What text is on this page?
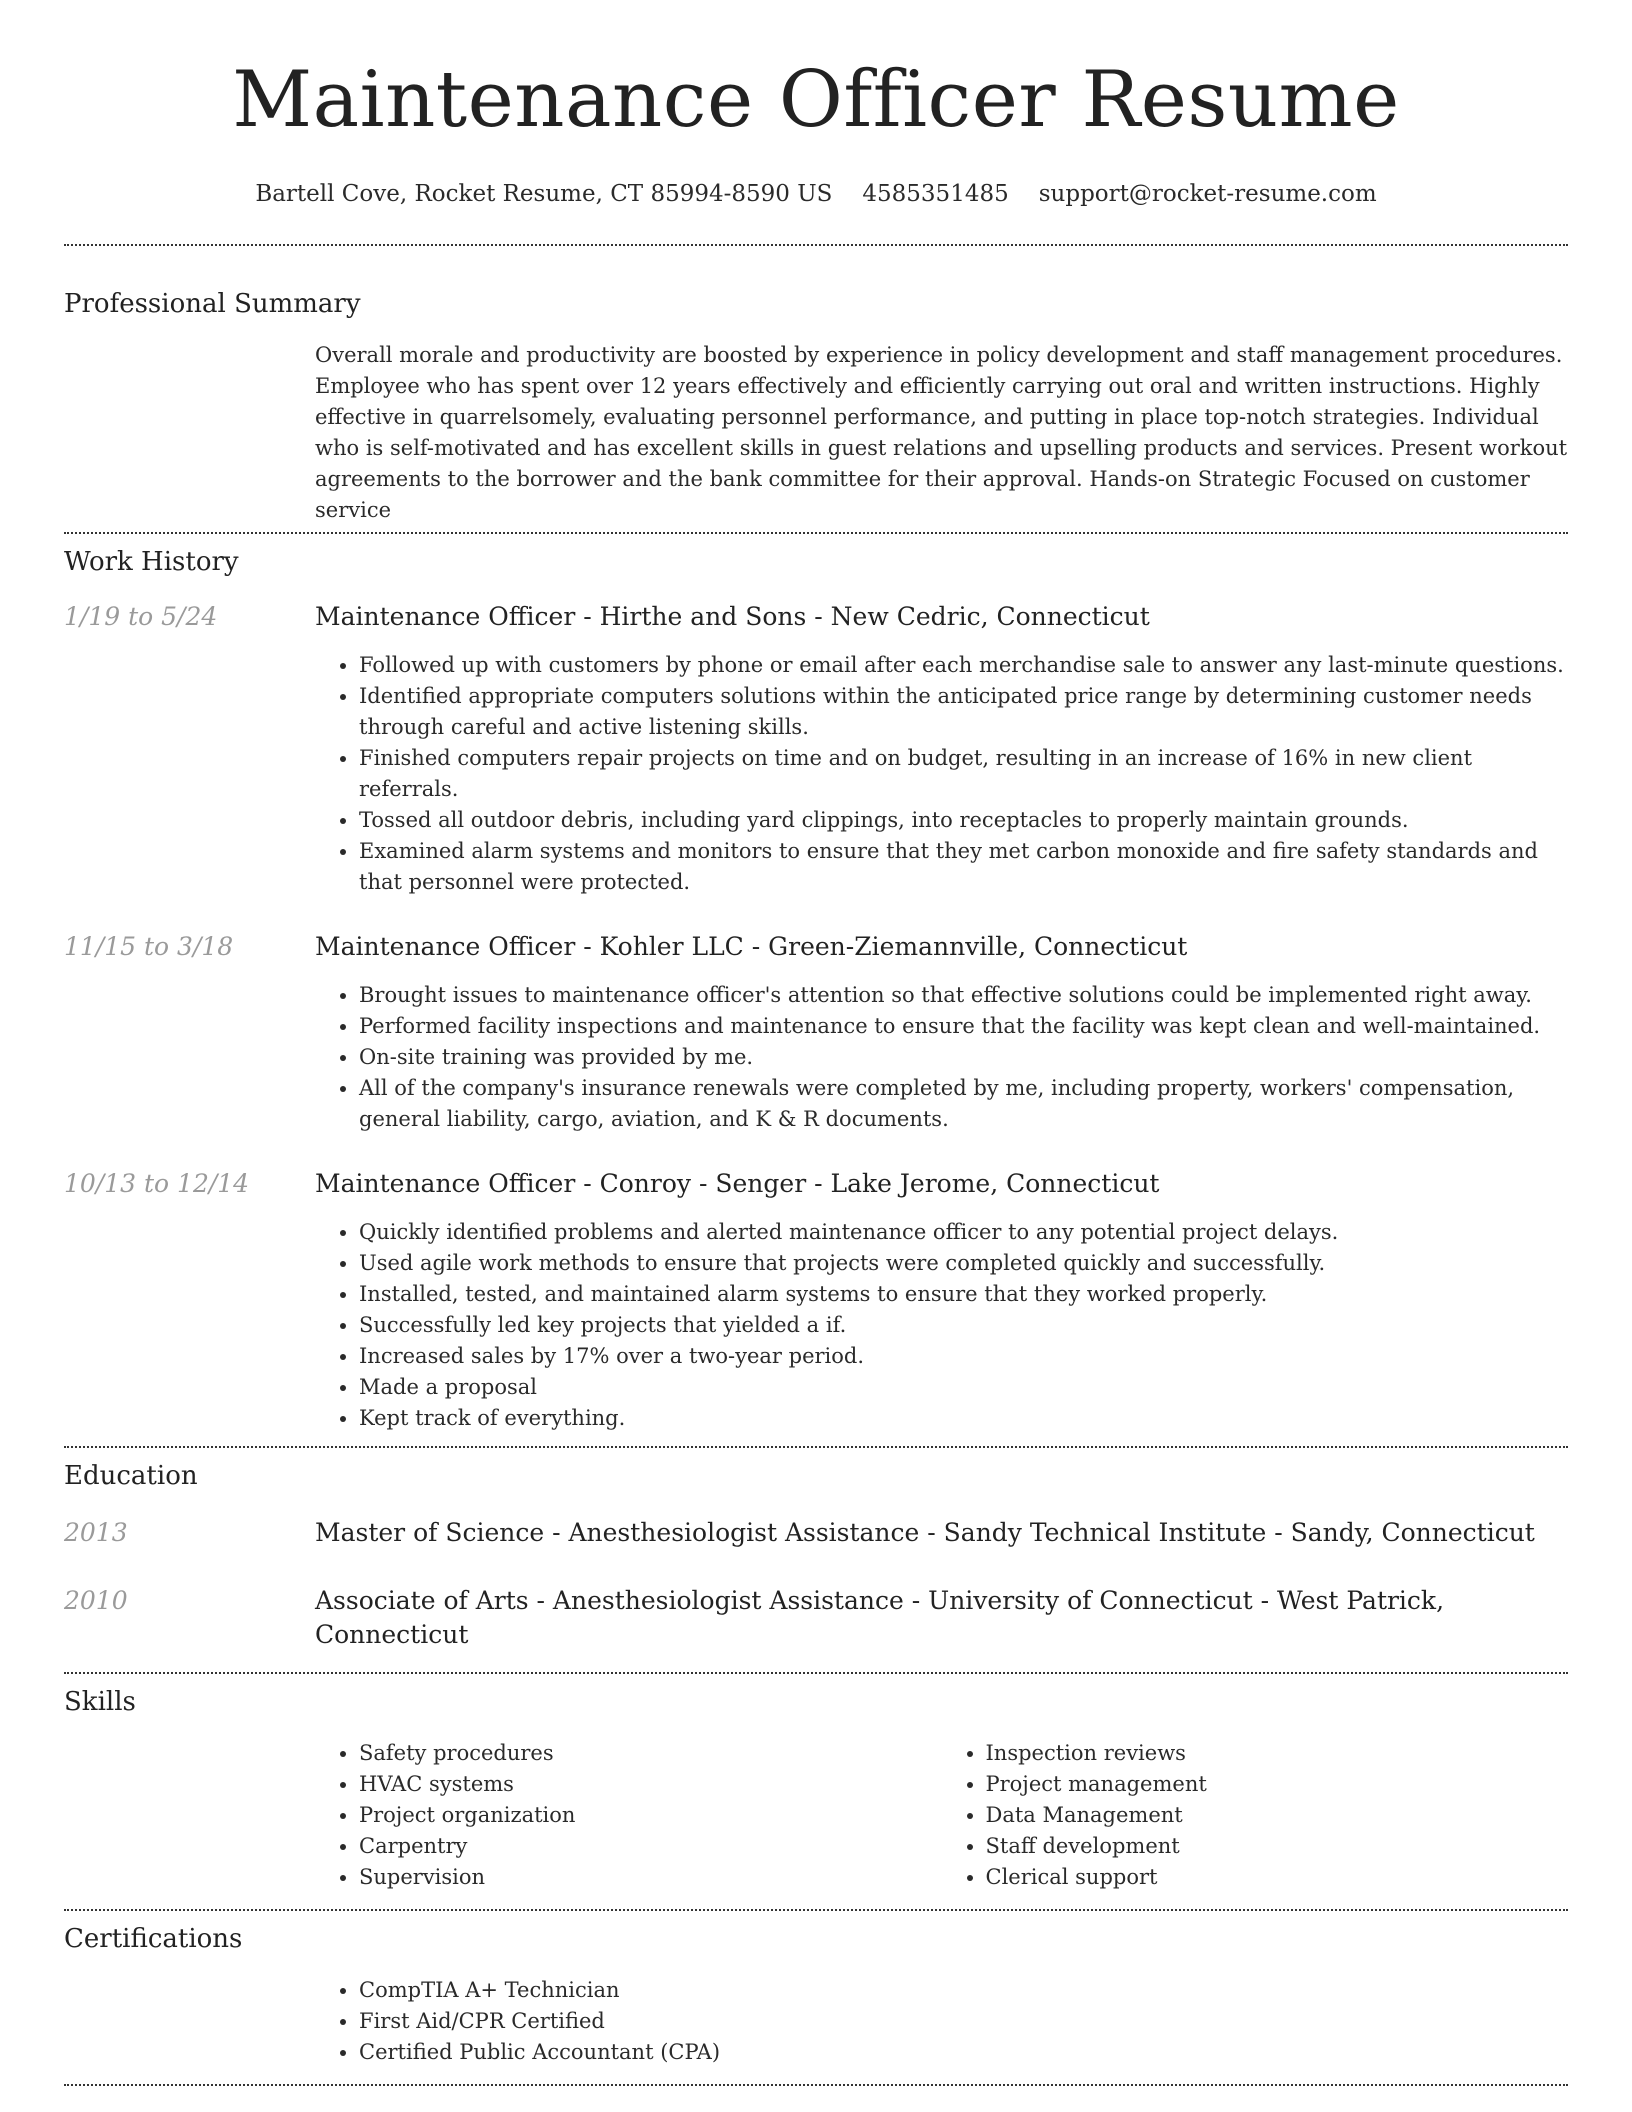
Maintenance Officer Resume
Bartell Cove, Rocket Resume, CT 85994-8590 US 4585351485 support@rocket-resume.com
Professional Summary
Overall morale and productivity are boosted by experience in policy development and staff management procedures. Employee who has spent over 12 years effectively and efficiently carrying out oral and written instructions. Highly effective in quarrelsomely, evaluating personnel performance, and putting in place top-notch strategies. Individual who is self-motivated and has excellent skills in guest relations and upselling products and services. Present workout agreements to the borrower and the bank committee for their approval. Hands-on Strategic Focused on customer service
Work History
1/19 to 5/24	Maintenance Officer - Hirthe and Sons - New Cedric, Connecticut
• Followed up with customers by phone or email after each merchandise sale to answer any last-minute questions.
• Identified appropriate computers solutions within the anticipated price range by determining customer needs through careful and active listening skills.
• Finished computers repair projects on time and on budget, resulting in an increase of 16% in new client referrals.
• Tossed all outdoor debris, including yard clippings, into receptacles to properly maintain grounds.
• Examined alarm systems and monitors to ensure that they met carbon monoxide and fire safety standards and that personnel were protected.
11/15 to 3/18	Maintenance Officer - Kohler LLC - Green-Ziemannville, Connecticut
• Brought issues to maintenance officer's attention so that effective solutions could be implemented right away.
• Performed facility inspections and maintenance to ensure that the facility was kept clean and well-maintained.
• On-site training was provided by me.
• All of the company's insurance renewals were completed by me, including property, workers' compensation, general liability, cargo, aviation, and K & R documents.
10/13 to 12/14	Maintenance Officer - Conroy - Senger - Lake Jerome, Connecticut
• Quickly identified problems and alerted maintenance officer to any potential project delays.
• Used agile work methods to ensure that projects were completed quickly and successfully.
• Installed, tested, and maintained alarm systems to ensure that they worked properly.
• Successfully led key projects that yielded a if.
• Increased sales by 17% over a two-year period.
• Made a proposal
• Kept track of everything.
Education
2013	Master of Science - Anesthesiologist Assistance - Sandy Technical Institute - Sandy, Connecticut
2010	Associate of Arts - Anesthesiologist Assistance - University of Connecticut - West Patrick, Connecticut
Skills
• Safety procedures
• HVAC systems
• Project organization
• Carpentry
• Supervision
• Inspection reviews
• Project management
• Data Management
• Staff development
• Clerical support
Certifications
• CompTIA A+ Technician
• First Aid/CPR Certified
• Certified Public Accountant (CPA)
